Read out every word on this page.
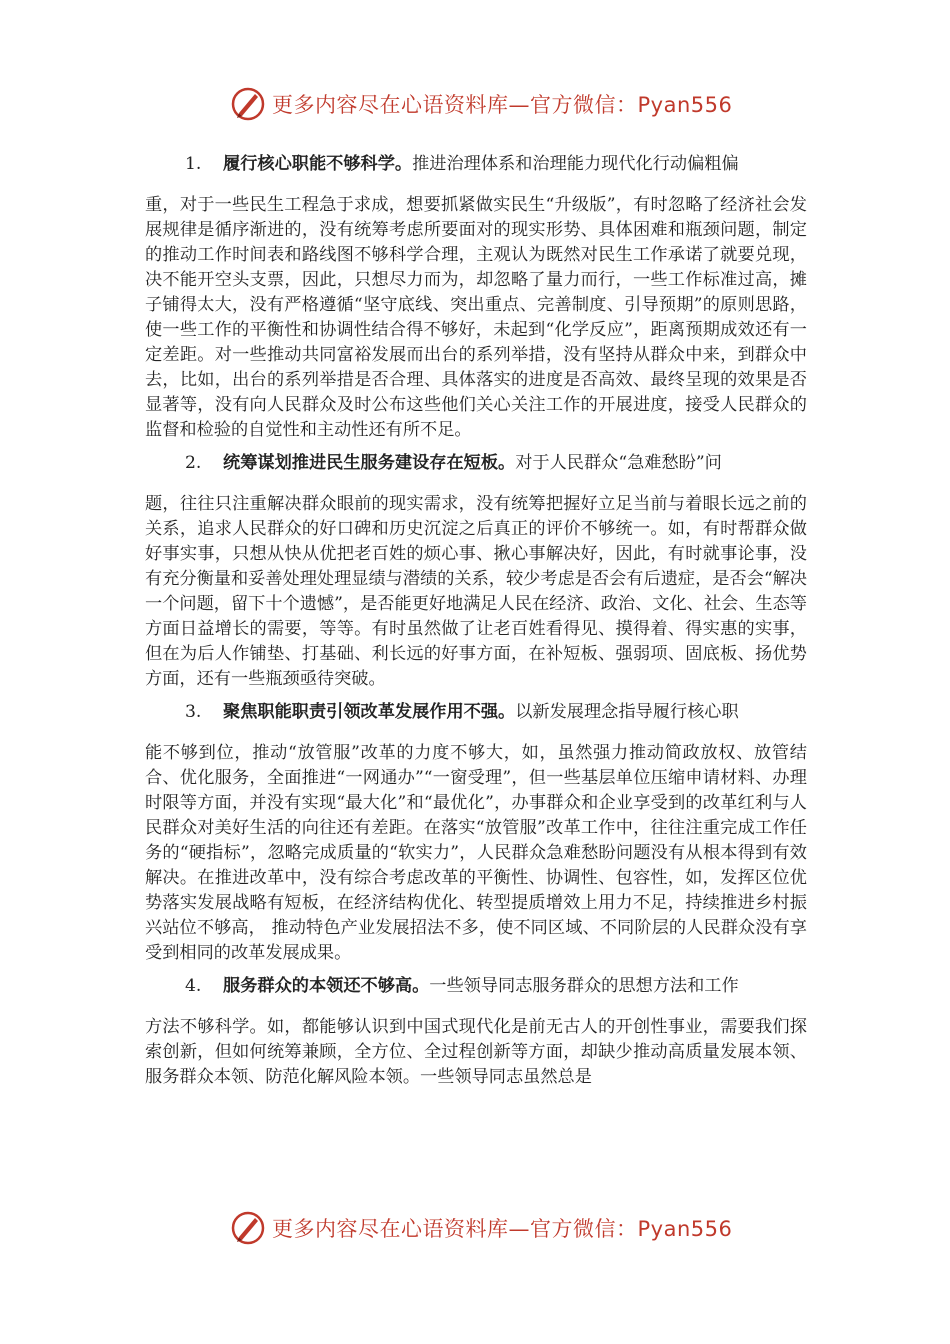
更多内容尽在心语资料库—官方微信：Pyan556
1.	履行核心职能不够科学。 推进治理体系和治理能力现代化行动偏粗偏
重，对于一些民生工程急于求成，想要抓紧做实民生“升级版”，有时忽略了经济社会发展规律是循序渐进的，没有统筹考虑所要面对的现实形势、具体困难和瓶颈问题，制定的推动工作时间表和路线图不够科学合理，主观认为既然对民生工作承诺了就要兑现，决不能开空头支票，因此，只想尽力而为，却忽略了量力而行，一些工作标准过高，摊子铺得太大，没有严格遵循“坚守底线、突出重点、完善制度、引导预期”的原则思路，使一些工作的平衡性和协调性结合得不够好，未起到“化学反应”，距离预期成效还有一定差距。对一些推动共同富裕发展而出台的系列举措，没有坚持从群众中来，到群众中去，比如，出台的系列举措是否合理、具体落实的进度是否高效、最终呈现的效果是否显著等，没有向人民群众及时公布这些他们关心关注工作的开展进度，接受人民群众的监督和检验的自觉性和主动性还有所不足。
2.	统筹谋划推进民生服务建设存在短板。 对于人民群众“急难愁盼”问
题，往往只注重解决群众眼前的现实需求，没有统筹把握好立足当前与着眼长远之前的关系，追求人民群众的好口碑和历史沉淀之后真正的评价不够统一。如，有时帮群众做好事实事，只想从快从优把老百姓的烦心事、揪心事解决好，因此，有时就事论事，没有充分衡量和妥善处理处理显绩与潜绩的关系，较少考虑是否会有后遗症，是否会“解决一个问题，留下十个遗憾”，是否能更好地满足人民在经济、政治、文化、社会、生态等方面日益增长的需要，等等。有时虽然做了让老百姓看得见、摸得着、得实惠的实事，但在为后人作铺垫、打基础、利长远的好事方面，在补短板、强弱项、固底板、扬优势方面，还有一些瓶颈亟待突破。
3.	聚焦职能职责引领改革发展作用不强。 以新发展理念指导履行核心职
能不够到位，推动“放管服”改革的力度不够大，如，虽然强力推动简政放权、放管结合、优化服务，全面推进“一网通办”“一窗受理”，但一些基层单位压缩申请材料、办理时限等方面，并没有实现“最大化”和“最优化”，办事群众和企业享受到的改革红利与人民群众对美好生活的向往还有差距。在落实“放管服”改革工作中，往往注重完成工作任务的“硬指标”，忽略完成质量的“软实力”，人民群众急难愁盼问题没有从根本得到有效解决。在推进改革中，没有综合考虑改革的平衡性、协调性、包容性，如，发挥区位优势落实发展战略有短板，在经济结构优化、转型提质增效上用力不足，持续推进乡村振兴站位不够高， 推动特色产业发展招法不多，使不同区域、不同阶层的人民群众没有享受到相同的改革发展成果。
4.	服务群众的本领还不够高。 一些领导同志服务群众的思想方法和工作
方法不够科学。如，都能够认识到中国式现代化是前无古人的开创性事业，需要我们探索创新，但如何统筹兼顾，全方位、全过程创新等方面，却缺少推动高质量发展本领、服务群众本领、防范化解风险本领。一些领导同志虽然总是
更多内容尽在心语资料库—官方微信：Pyan556
